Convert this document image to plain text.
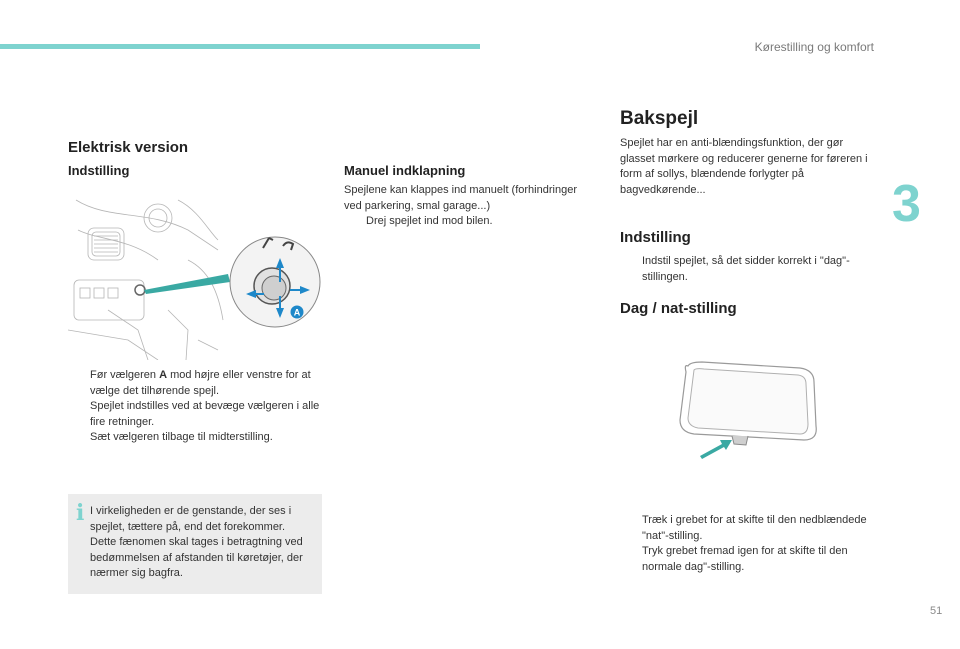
Kørestilling og komfort
3
51
Elektrisk version
Indstilling
A
Før vælgeren A mod højre eller venstre for at vælge det tilhørende spejl.
Spejlet indstilles ved at bevæge vælgeren i alle fire retninger.
Sæt vælgeren tilbage til midterstilling.
i I virkeligheden er de genstande, der ses i spejlet, tættere på, end det forekommer. Dette fænomen skal tages i betragtning ved bedømmelsen af afstanden til køretøjer, der nærmer sig bagfra.
Manuel indklapning
Spejlene kan klappes ind manuelt (forhindringer ved parkering, smal garage...)
Drej spejlet ind mod bilen.
Bakspejl
Spejlet har en anti-blændingsfunktion, der gør glasset mørkere og reducerer generne for føreren i form af sollys, blændende forlygter på bagvedkørende...
Indstilling
Indstil spejlet, så det sidder korrekt i "dag"-stillingen.
Dag / nat-stilling
Træk i grebet for at skifte til den nedblændede "nat"-stilling.
Tryk grebet fremad igen for at skifte til den normale dag"-stilling.
